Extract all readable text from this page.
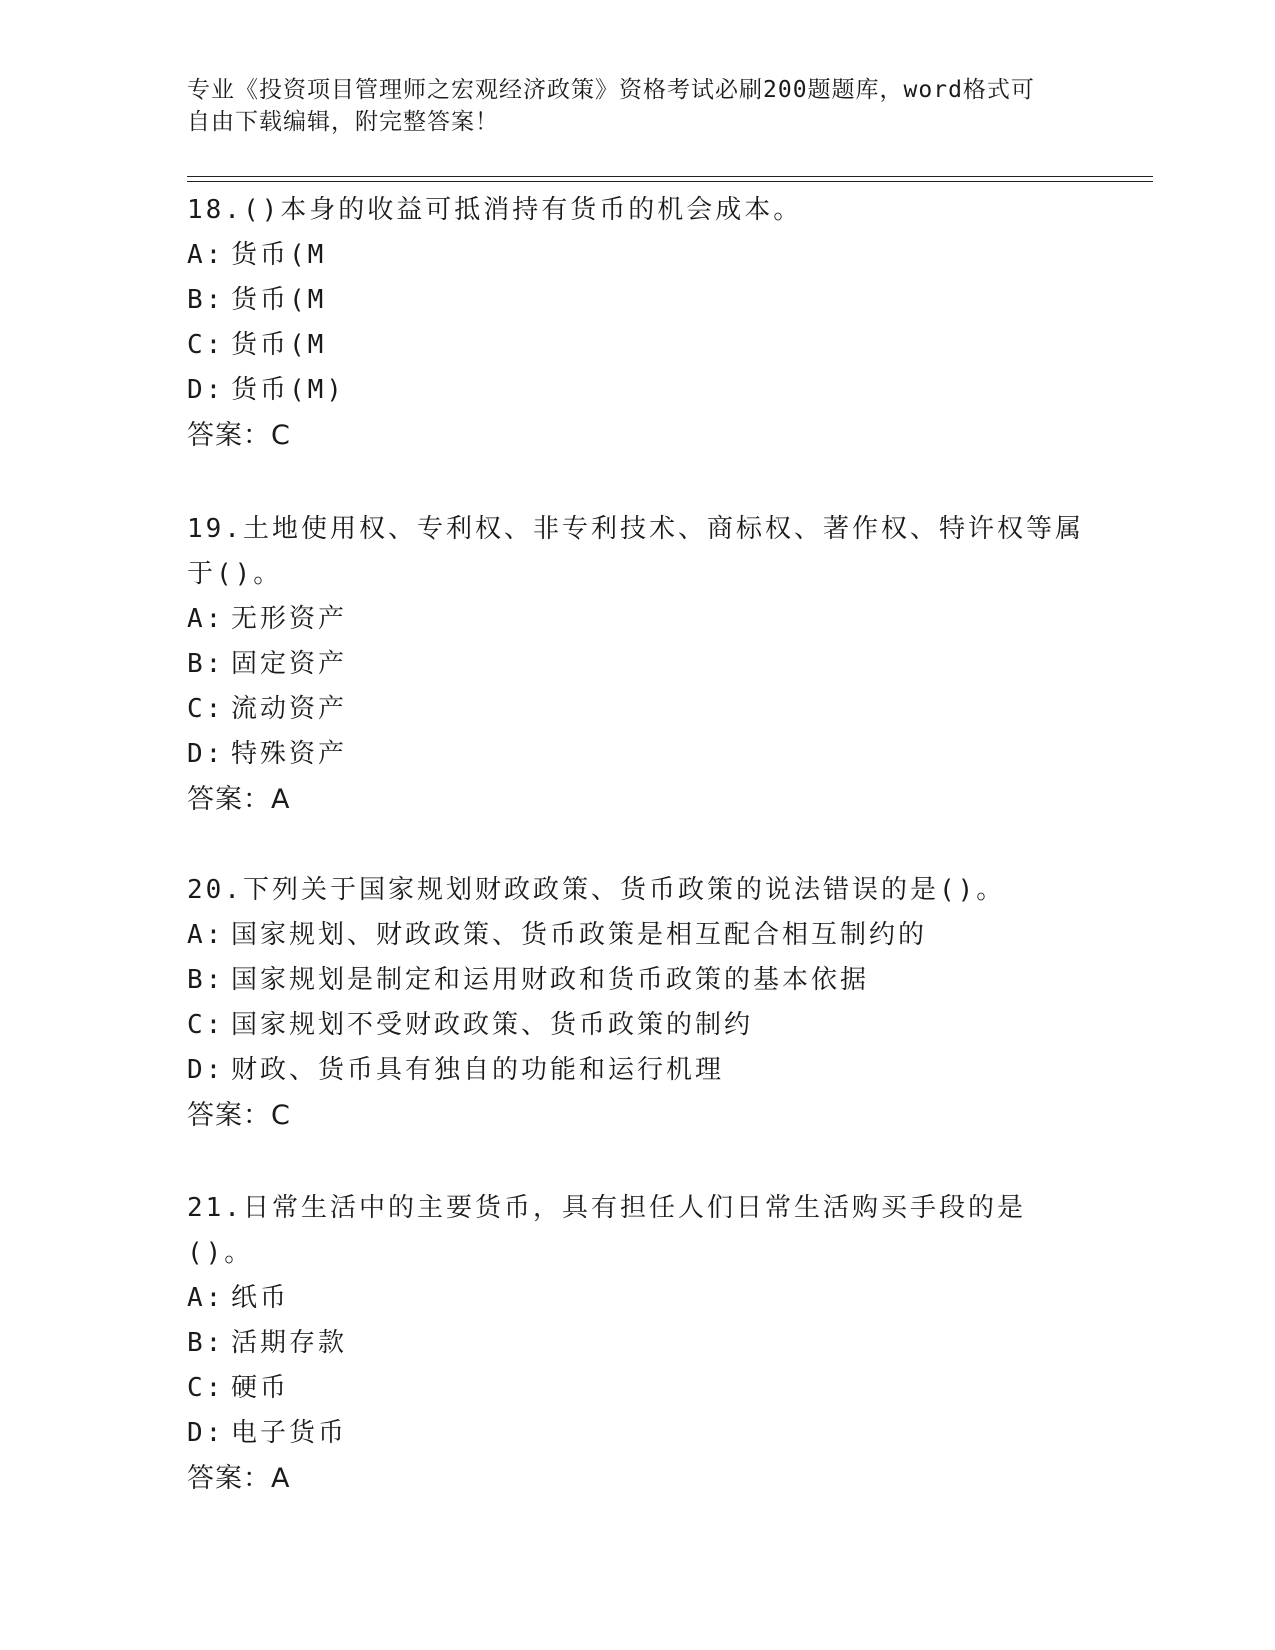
专业《投资项目管理师之宏观经济政策》资格考试必刷200题题库，word格式可
自由下载编辑，附完整答案！

18.()本身的收益可抵消持有货币的机会成本。

A: 货币(M
B: 货币(M
C: 货币(M
D: 货币(M)
答案：C

19.土地使用权、专利权、非专利技术、商标权、著作权、特许权等属于()。

A: 无形资产
B: 固定资产
C: 流动资产
D: 特殊资产
答案：A

20.下列关于国家规划财政政策、货币政策的说法错误的是()。

A: 国家规划、财政政策、货币政策是相互配合相互制约的
B: 国家规划是制定和运用财政和货币政策的基本依据
C: 国家规划不受财政政策、货币政策的制约
D: 财政、货币具有独自的功能和运行机理
答案：C

21.日常生活中的主要货币，具有担任人们日常生活购买手段的是()。

A: 纸币
B: 活期存款
C: 硬币
D: 电子货币
答案：A
